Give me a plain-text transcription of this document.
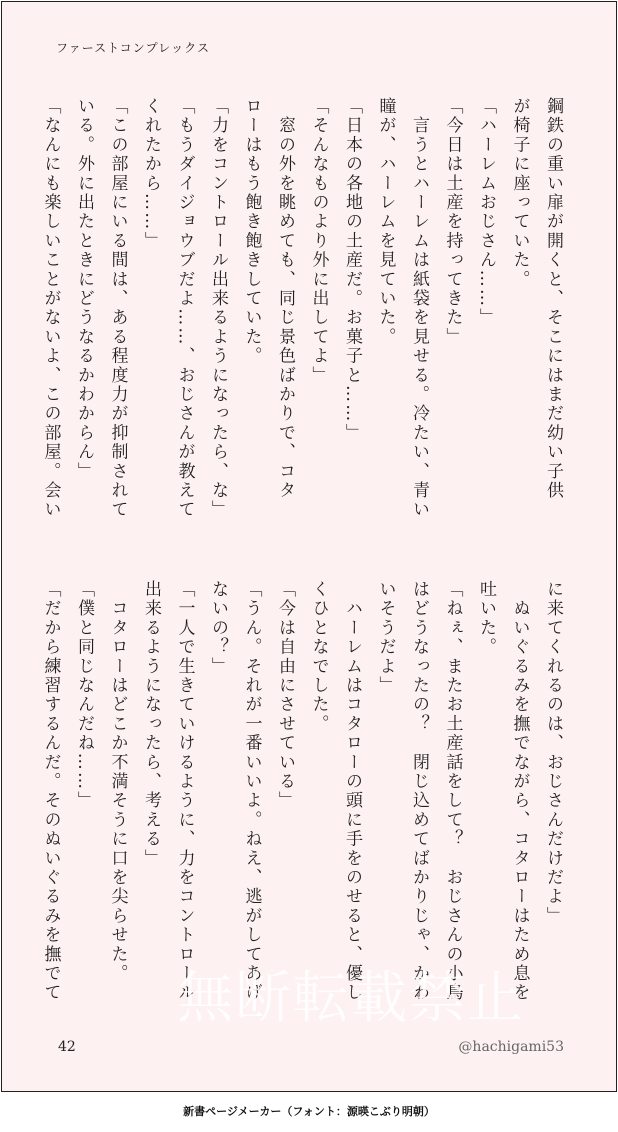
ファーストコンプレックス
鋼鉄の重い扉が開くと、そこにはまだ幼い子供
が椅子に座っていた。
「ハーレムおじさん……」
「今日は土産を持ってきた」
　言うとハーレムは紙袋を見せる。冷たい、青い
瞳が、ハーレムを見ていた。
「日本の各地の土産だ。お菓子と……」
「そんなものより外に出してよ」
　窓の外を眺めても、同じ景色ばかりで、コタ
ローはもう飽き飽きしていた。
「力をコントロール出来るようになったら、な」
「もうダイジョウブだよ……、おじさんが教えて
くれたから……」
「この部屋にいる間は、ある程度力が抑制されて
いる。外に出たときにどうなるかわからん」
「なんにも楽しいことがないよ、この部屋。会い
に来てくれるのは、おじさんだけだよ」
　ぬいぐるみを撫でながら、コタローはため息を
吐いた。
「ねぇ、またお土産話をして？　おじさんの小鳥
はどうなったの？　閉じ込めてばかりじゃ、かわ
いそうだよ」
　ハーレムはコタローの頭に手をのせると、優し
くひとなでした。
「今は自由にさせている」
「うん。それが一番いいよ。ねえ、逃がしてあげ
ないの？」
「一人で生きていけるように、力をコントロール
出来るようになったら、考える」
　コタローはどこか不満そうに口を尖らせた。
「僕と同じなんだね……」
「だから練習するんだ。そのぬいぐるみを撫でて 無断転載禁止
42	@hachigami53
新書ページメーカー（フォント：源暎こぶり明朝）
